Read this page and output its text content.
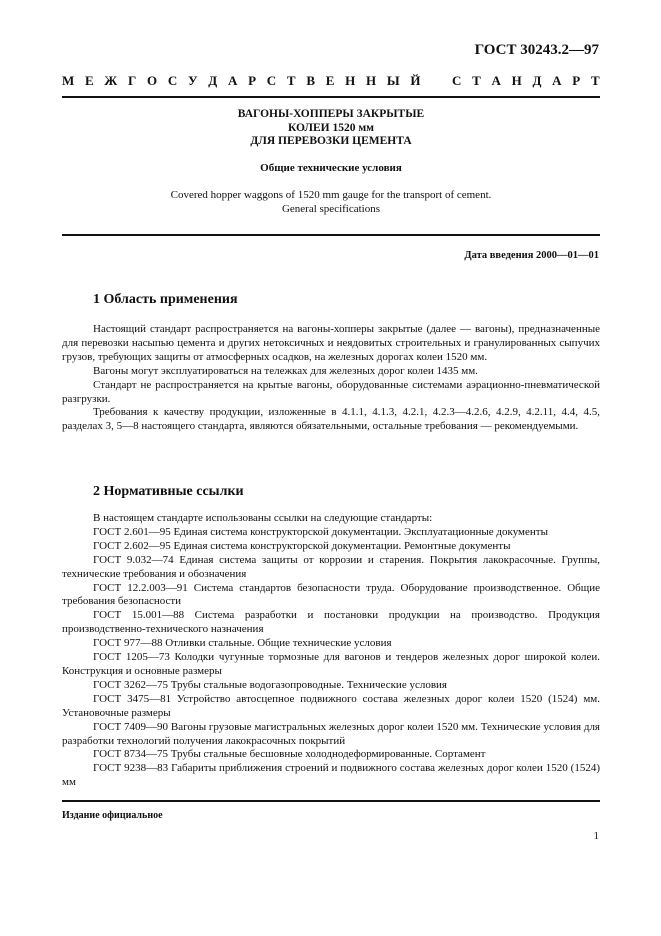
ГОСТ 30243.2—97
М Е Ж Г О С У Д А Р С Т В Е Н Н Ы Й С Т А Н Д А Р Т
ВАГОНЫ-ХОППЕРЫ ЗАКРЫТЫЕ
КОЛЕИ 1520 мм
ДЛЯ ПЕРЕВОЗКИ ЦЕМЕНТА
Общие технические условия
Covered hopper waggons of 1520 mm gauge for the transport of cement.
General specifications
Дата введения 2000—01—01
1 Область применения

Настоящий стандарт распространяется на вагоны-хопперы закрытые (далее — вагоны), предназначенные для перевозки насыпью цемента и других нетоксичных и неядовитых строительных и гранулированных сыпучих грузов, требующих защиты от атмосферных осадков, на железных дорогах колеи 1520 мм.

Вагоны могут эксплуатироваться на тележках для железных дорог колеи 1435 мм.

Стандарт не распространяется на крытые вагоны, оборудованные системами аэрационно-пневматической разгрузки.

Требования к качеству продукции, изложенные в 4.1.1, 4.1.3, 4.2.1, 4.2.3—4.2.6, 4.2.9, 4.2.11, 4.4, 4.5, разделах 3, 5—8 настоящего стандарта, являются обязательными, остальные требования — рекомендуемыми.

2 Нормативные ссылки

В настоящем стандарте использованы ссылки на следующие стандарты:

ГОСТ 2.601—95 Единая система конструкторской документации. Эксплуатационные документы

ГОСТ 2.602—95 Единая система конструкторской документации. Ремонтные документы

ГОСТ 9.032—74 Единая система защиты от коррозии и старения. Покрытия лакокрасочные. Группы, технические требования и обозначения

ГОСТ 12.2.003—91 Система стандартов безопасности труда. Оборудование производственное. Общие требования безопасности

ГОСТ 15.001—88 Система разработки и постановки продукции на производство. Продукция производственно-технического назначения

ГОСТ 977—88 Отливки стальные. Общие технические условия

ГОСТ 1205—73 Колодки чугунные тормозные для вагонов и тендеров железных дорог широкой колеи. Конструкция и основные размеры

ГОСТ 3262—75 Трубы стальные водогазопроводные. Технические условия

ГОСТ 3475—81 Устройство автосцепное подвижного состава железных дорог колеи 1520 (1524) мм. Установочные размеры

ГОСТ 7409—90 Вагоны грузовые магистральных железных дорог колеи 1520 мм. Технические условия для разработки технологий получения лакокрасочных покрытий

ГОСТ 8734—75 Трубы стальные бесшовные холоднодеформированные. Сортамент

ГОСТ 9238—83 Габариты приближения строений и подвижного состава железных дорог колеи 1520 (1524) мм

Издание официальное
1
